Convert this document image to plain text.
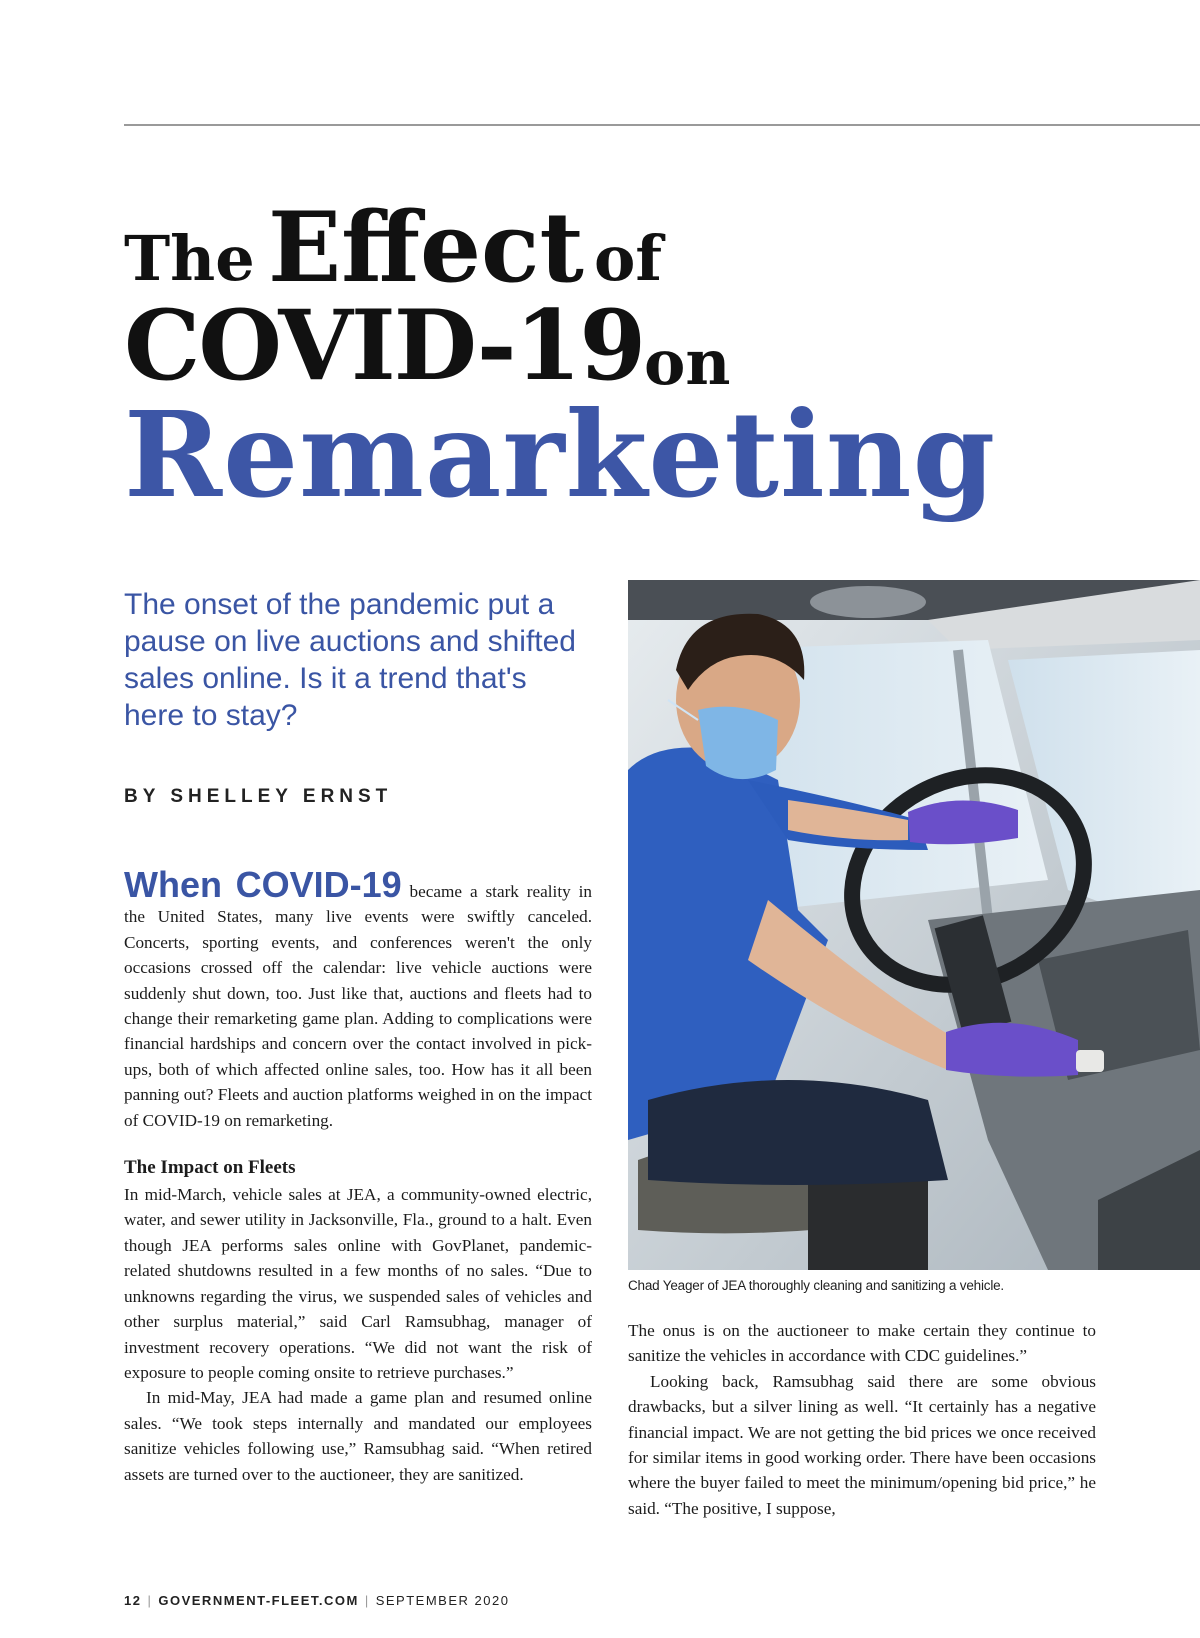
The Effect of
COVID-19 on
Remarketing
The onset of the pandemic put a pause on live auctions and shifted sales online. Is it a trend that's here to stay?
BY SHELLEY ERNST

When COVID-19 became a stark reality in the United States, many live events were swiftly canceled. Concerts, sporting events, and conferences weren't the only occasions crossed off the calendar: live vehicle auctions were suddenly shut down, too. Just like that, auctions and fleets had to change their remarketing game plan. Adding to complications were financial hardships and concern over the contact involved in pick-ups, both of which affected online sales, too. How has it all been panning out? Fleets and auction platforms weighed in on the impact of COVID-19 on remarketing.

The Impact on Fleets

In mid-March, vehicle sales at JEA, a community-owned electric, water, and sewer utility in Jacksonville, Fla., ground to a halt. Even though JEA performs sales online with GovPlanet, pandemic-related shutdowns resulted in a few months of no sales. “Due to unknowns regarding the virus, we suspended sales of vehicles and other surplus material,” said Carl Ramsubhag, manager of investment recovery operations. “We did not want the risk of exposure to people coming onsite to retrieve purchases.”

In mid-May, JEA had made a game plan and resumed online sales. “We took steps internally and mandated our employees sanitize vehicles following use,” Ramsubhag said. “When retired assets are turned over to the auctioneer, they are sanitized.

Chad Yeager of JEA thoroughly cleaning and sanitizing a vehicle.

The onus is on the auctioneer to make certain they continue to sanitize the vehicles in accordance with CDC guidelines.”

Looking back, Ramsubhag said there are some obvious drawbacks, but a silver lining as well. “It certainly has a negative financial impact. We are not getting the bid prices we once received for similar items in good working order. There have been occasions where the buyer failed to meet the minimum/opening bid price,” he said. “The positive, I suppose,

12 | GOVERNMENT-FLEET.COM | SEPTEMBER 2020
